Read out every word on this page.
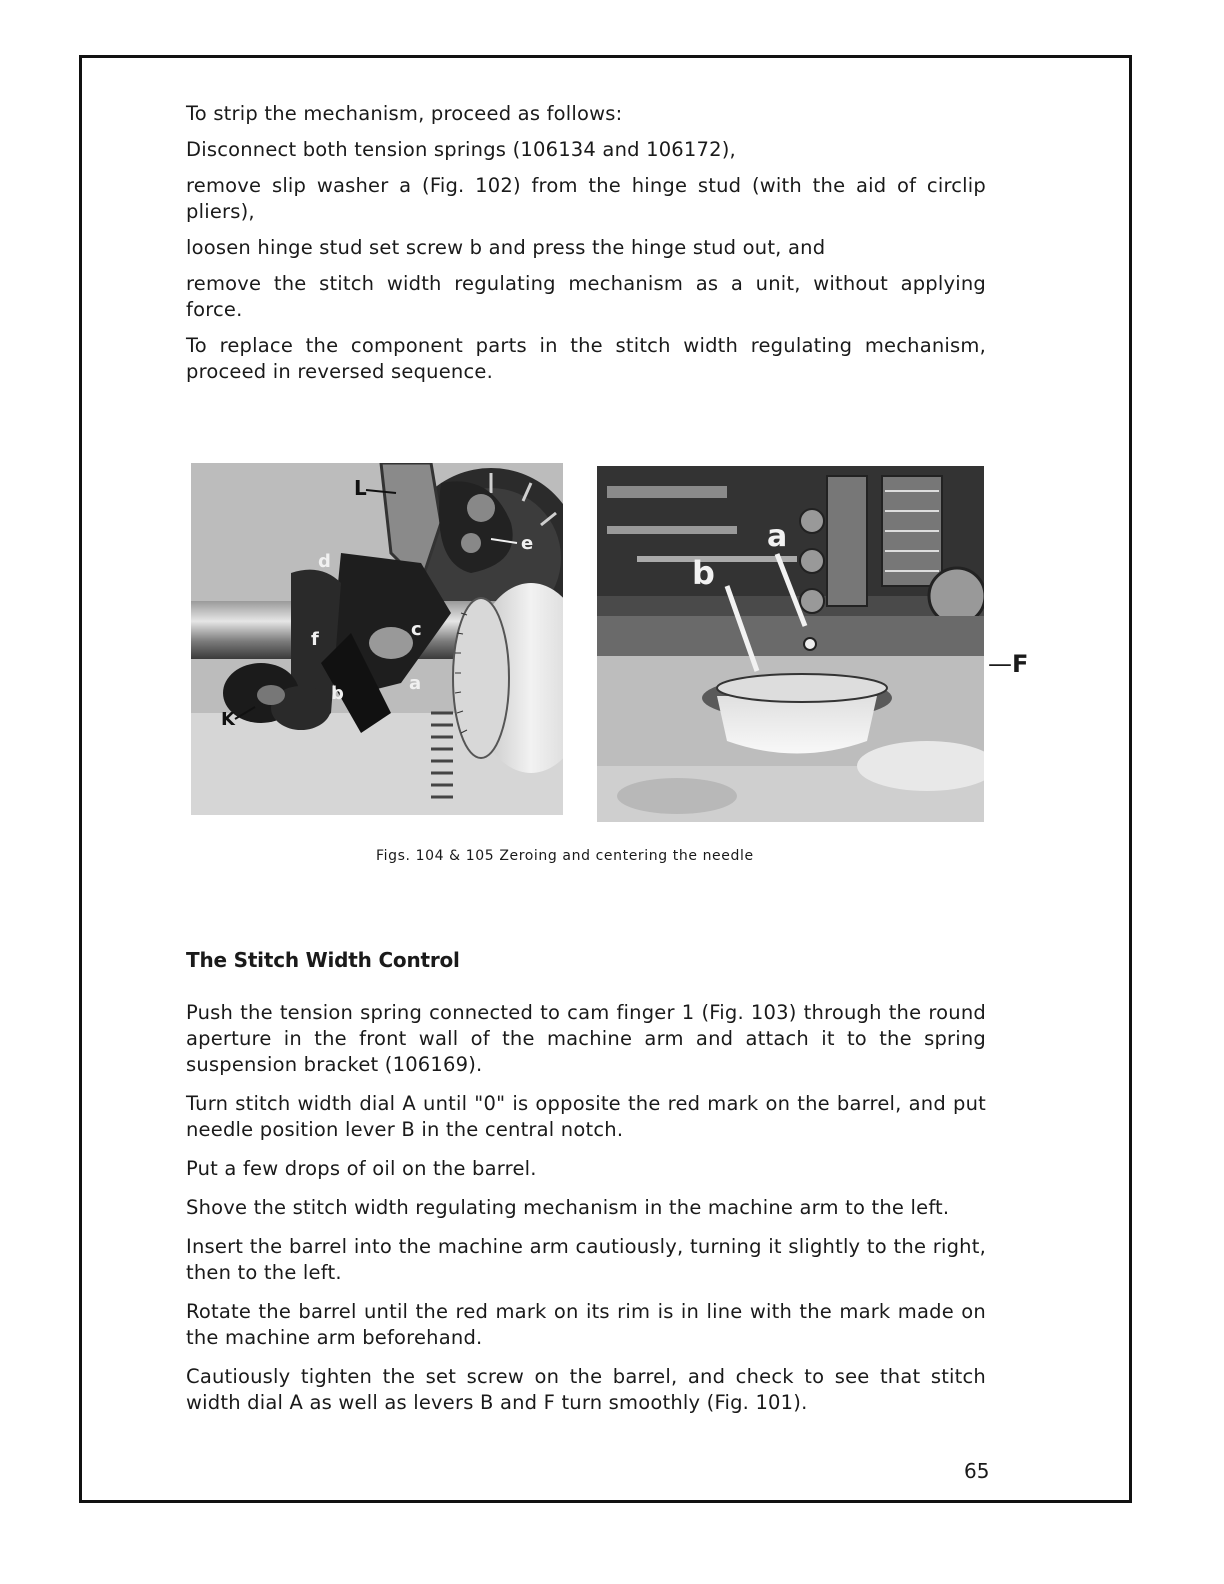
To strip the mechanism, proceed as follows:

Disconnect both tension springs (106134 and 106172),

remove slip washer a (Fig. 102) from the hinge stud (with the aid of circlip pliers),

loosen hinge stud set screw b and press the hinge stud out, and

remove the stitch width regulating mechanism as a unit, without applying force.

To replace the component parts in the stitch width regulating mechanism, proceed in reversed sequence.

L
e
d
f	c
a
b
K
a
b
—F
Figs. 104 & 105 Zeroing and centering the needle
The Stitch Width Control

Push the tension spring connected to cam finger 1 (Fig. 103) through the round aperture in the front wall of the machine arm and attach it to the spring suspension bracket (106169).

Turn stitch width dial A until "0" is opposite the red mark on the barrel, and put needle position lever B in the central notch.

Put a few drops of oil on the barrel.

Shove the stitch width regulating mechanism in the machine arm to the left.

Insert the barrel into the machine arm cautiously, turning it slightly to the right, then to the left.

Rotate the barrel until the red mark on its rim is in line with the mark made on the machine arm beforehand.

Cautiously tighten the set screw on the barrel, and check to see that stitch width dial A as well as levers B and F turn smoothly (Fig. 101).

65
